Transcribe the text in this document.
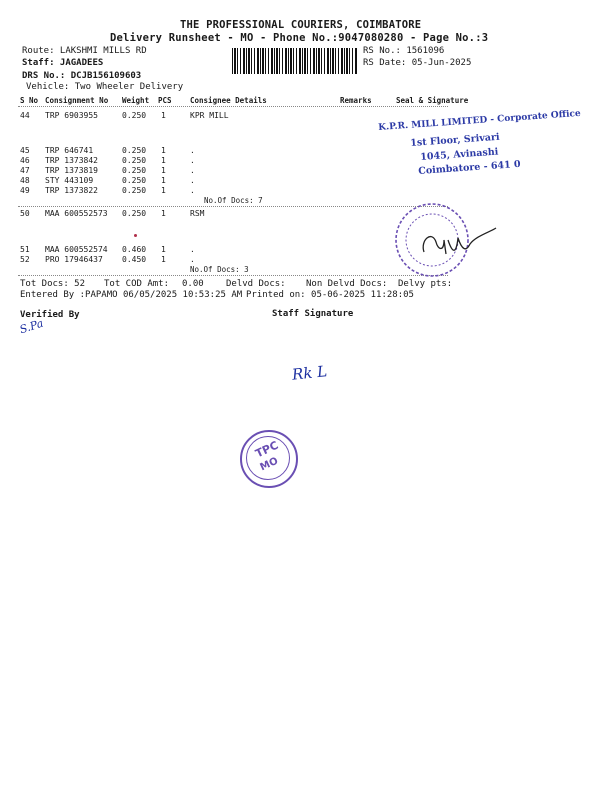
THE PROFESSIONAL COURIERS, COIMBATORE
Delivery Runsheet - MO - Phone No.:9047080280 - Page No.:3
Route: LAKSHMI MILLS RD
Staff: JAGADEES
DRS No.: DCJB156109603
Vehicle: Two Wheeler Delivery
RS No.: 1561096
RS Date: 05-Jun-2025
S No Consignment No Weight PCS Consignee Details	Remarks	Seal & Signature
44 TRP 6903955	0.250 1	KPR MILL
45 TRP 646741	0.250 1	.
46 TRP 1373842	0.250 1	.
47 TRP 1373819	0.250 1	.
48 STY 443109	0.250 1	.
49 TRP 1373822	0.250 1	.
No.Of Docs: 7
50 MAA 600552573 0.250 1	RSM
51 MAA 600552574 0.460 1	.
52 PRO 17946437 0.450 1	.
No.Of Docs: 3
Tot Docs: 52 Tot COD Amt: 0.00 Delvd Docs: Non Delvd Docs: Delvy pts:
Entered By :PAPAMO 06/05/2025 10:53:25 AM Printed on: 05-06-2025 11:28:05
Verified By	Staff Signature
K.P.R. MILL LIMITED - Corporate Office
1st Floor, Srivari
1045, Avinashi
Coimbatore - 641 0
S.Pa
Rk L
TPC
MO
